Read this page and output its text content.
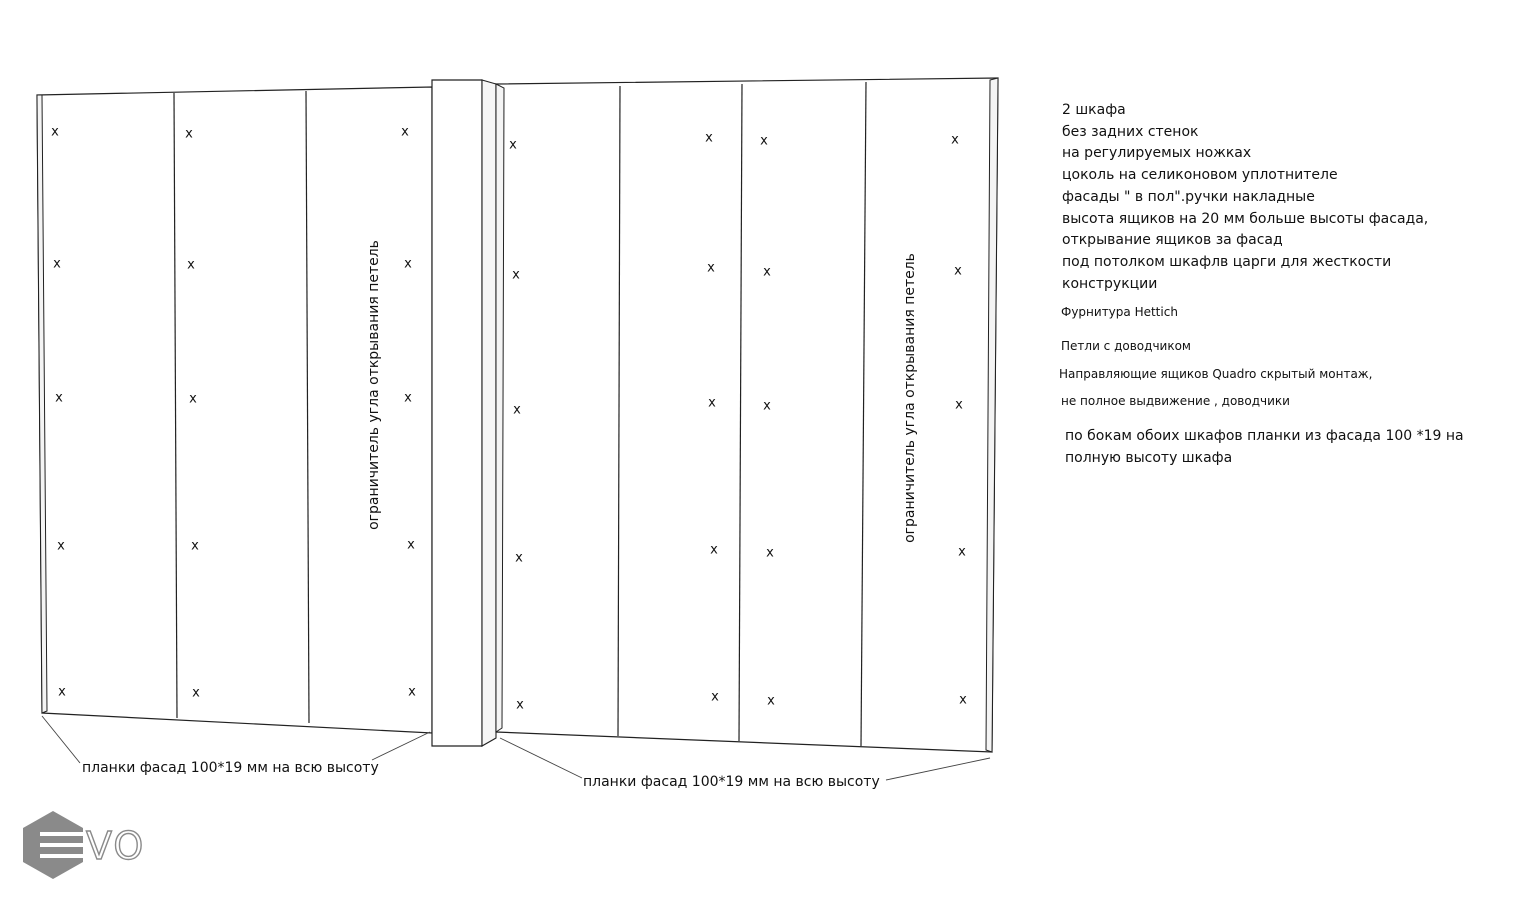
x	x	x
x	x	x
x	x	x
x	x	x
x	x	x
x	x	x	x
x	x	x	x
x	x	x	x
x
x	x	x
x
x	x	x
ограничитель угла открывания петель	ограничитель угла открывания петель
планки фасад 100*19 мм на всю высоту
планки фасад 100*19 мм на всю высоту
VO
2 шкафа
без задних стенок
на регулируемых ножках
цоколь на селиконовом уплотнителе
фасады " в пол".ручки накладные
высота ящиков на 20 мм больше высоты фасада,
открывание ящиков за фасад
под потолком шкафлв царги для жесткости
конструкции
Фурнитура Hettich
Петли с доводчиком
Направляющие ящиков Quadro скрытый монтаж,
не полное выдвижение , доводчики
по бокам обоих шкафов планки из фасада 100 *19 на
полную высоту шкафа
